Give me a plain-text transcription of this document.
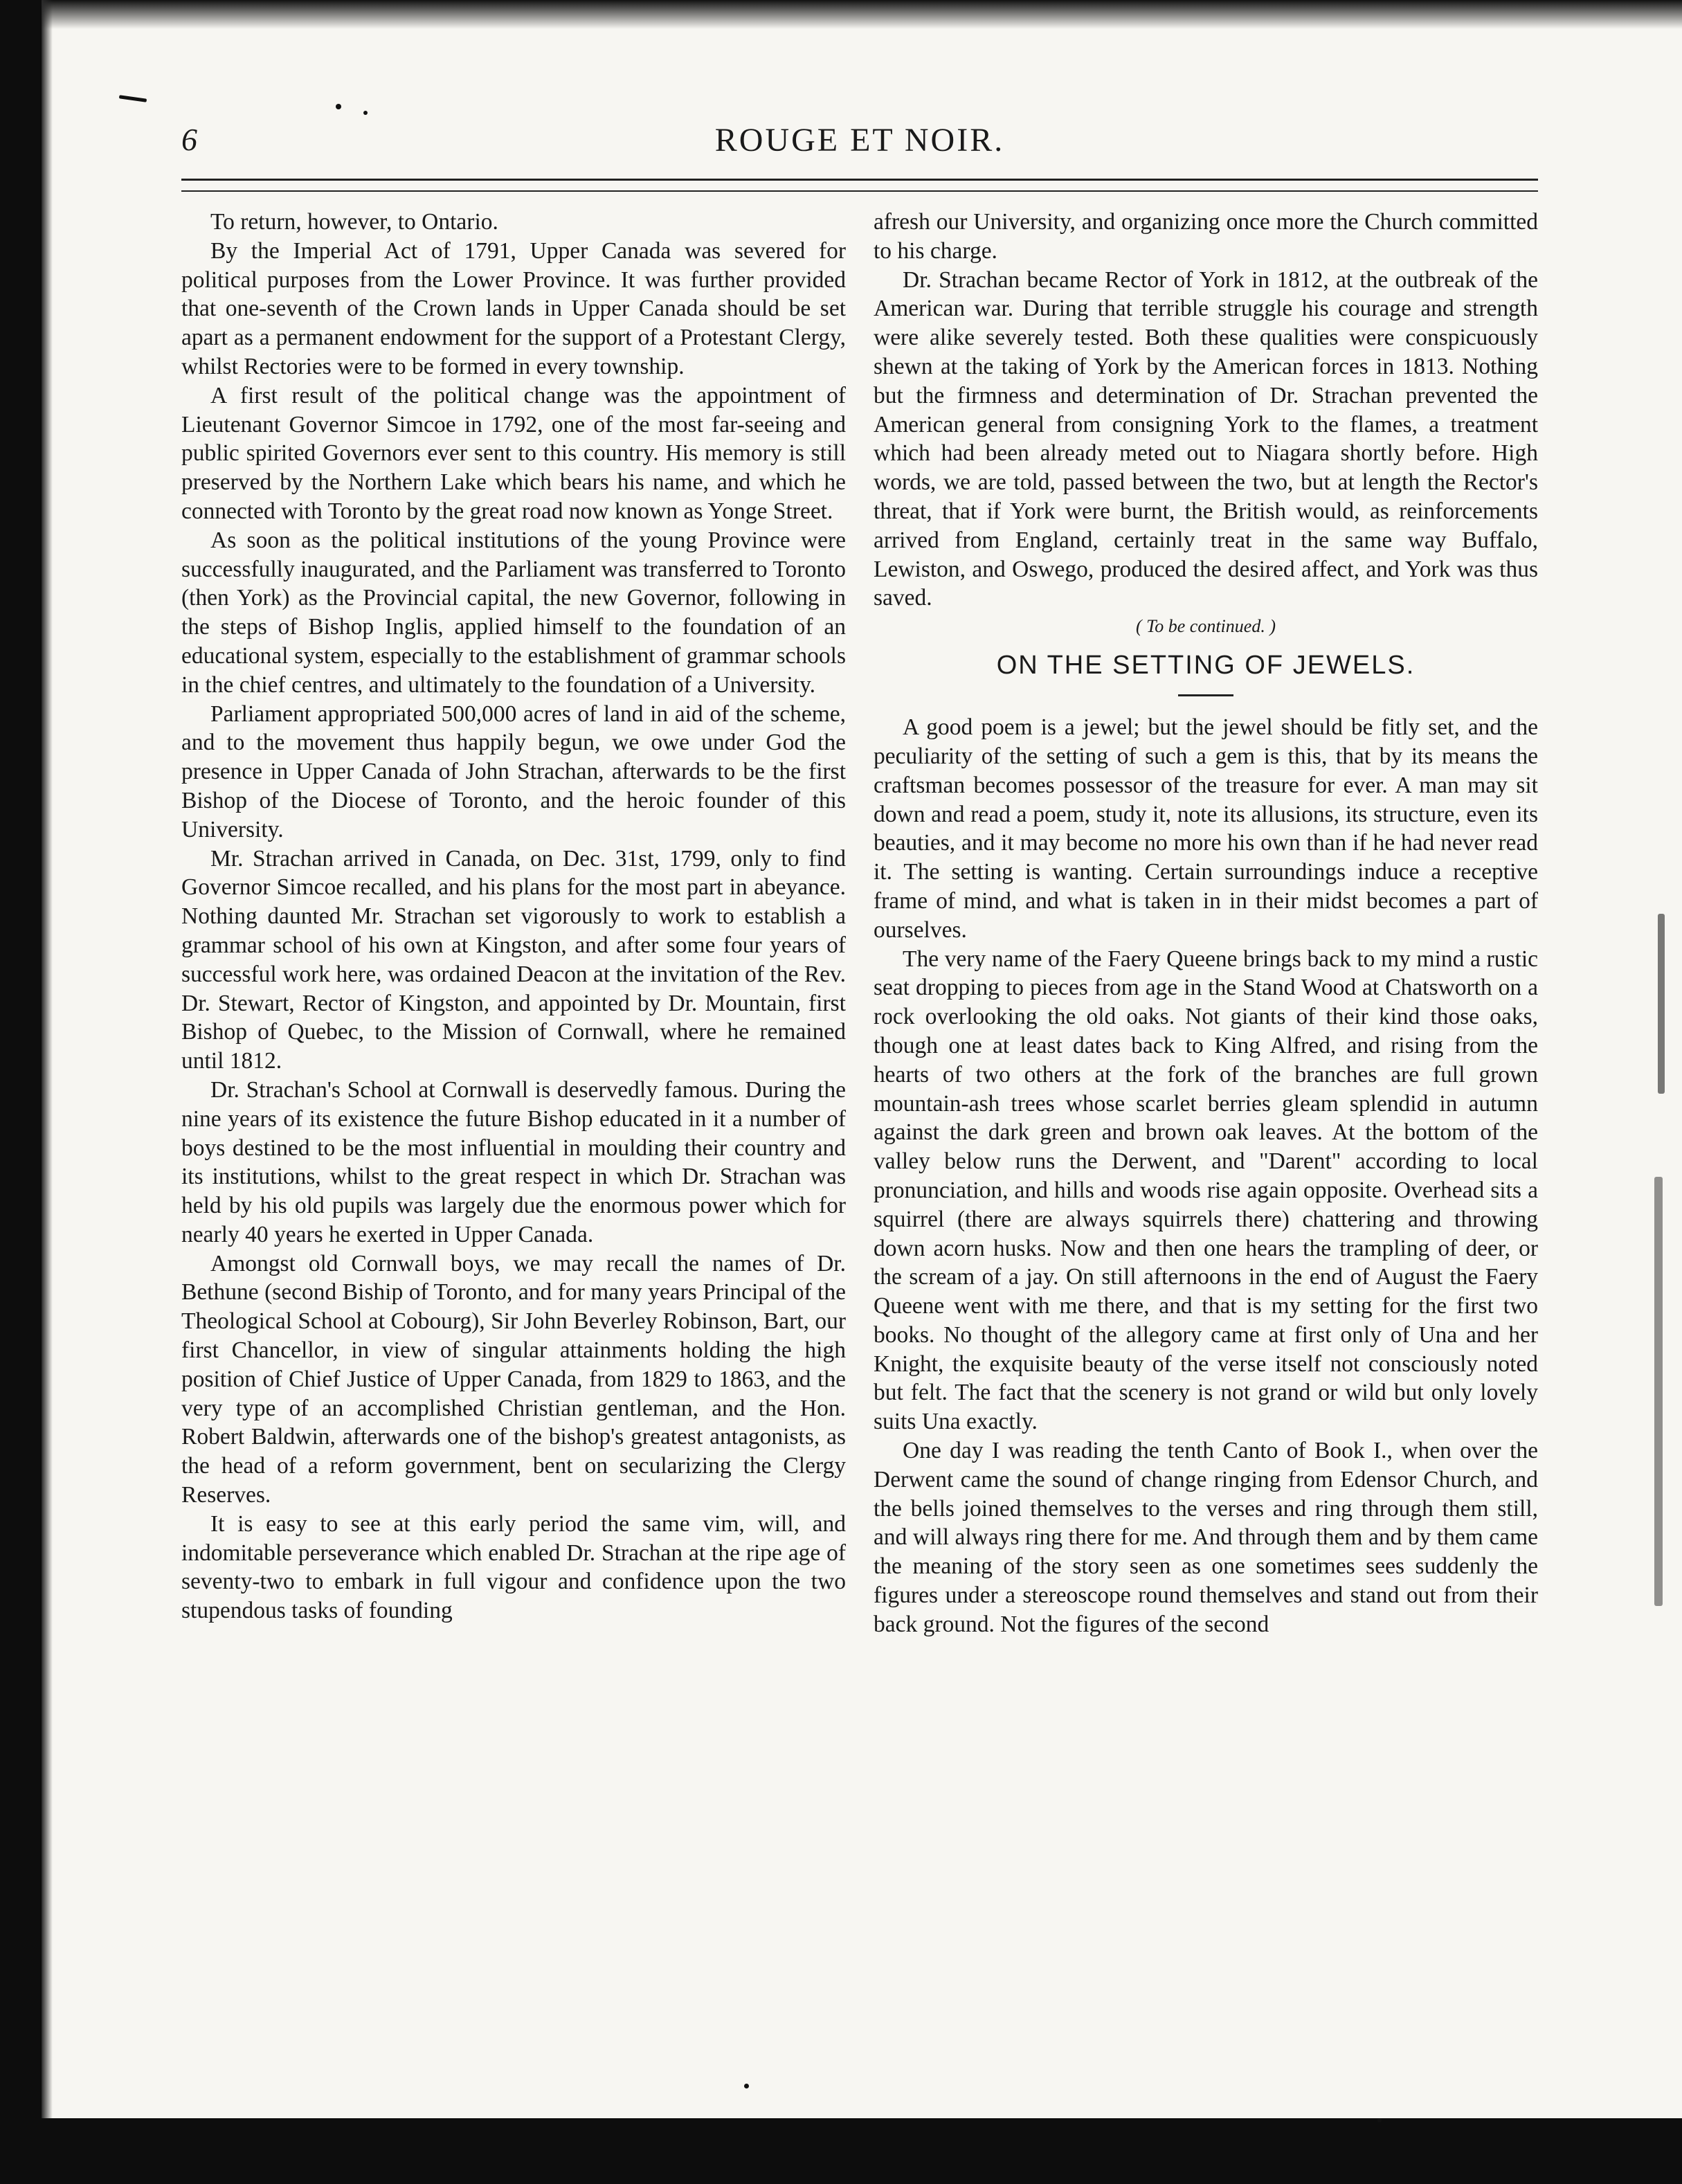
6	ROUGE ET NOIR.

To return, however, to Ontario.

By the Imperial Act of 1791, Upper Canada was severed for political purposes from the Lower Province. It was further provided that one-seventh of the Crown lands in Upper Canada should be set apart as a permanent endowment for the support of a Protestant Clergy, whilst Rectories were to be formed in every township.

A first result of the political change was the appointment of Lieutenant Governor Simcoe in 1792, one of the most far-seeing and public spirited Governors ever sent to this country. His memory is still preserved by the Northern Lake which bears his name, and which he connected with Toronto by the great road now known as Yonge Street.

As soon as the political institutions of the young Province were successfully inaugurated, and the Parliament was transferred to Toronto (then York) as the Provincial capital, the new Governor, following in the steps of Bishop Inglis, applied himself to the foundation of an educational system, especially to the establishment of grammar schools in the chief centres, and ultimately to the foundation of a University.

Parliament appropriated 500,000 acres of land in aid of the scheme, and to the movement thus happily begun, we owe under God the presence in Upper Canada of John Strachan, afterwards to be the first Bishop of the Diocese of Toronto, and the heroic founder of this University.

Mr. Strachan arrived in Canada, on Dec. 31st, 1799, only to find Governor Simcoe recalled, and his plans for the most part in abeyance. Nothing daunted Mr. Strachan set vigorously to work to establish a grammar school of his own at Kingston, and after some four years of successful work here, was ordained Deacon at the invitation of the Rev. Dr. Stewart, Rector of Kingston, and appointed by Dr. Mountain, first Bishop of Quebec, to the Mission of Cornwall, where he remained until 1812.

Dr. Strachan's School at Cornwall is deservedly famous. During the nine years of its existence the future Bishop educated in it a number of boys destined to be the most influential in moulding their country and its institutions, whilst to the great respect in which Dr. Strachan was held by his old pupils was largely due the enormous power which for nearly 40 years he exerted in Upper Canada.

Amongst old Cornwall boys, we may recall the names of Dr. Bethune (second Biship of Toronto, and for many years Principal of the Theological School at Cobourg), Sir John Beverley Robinson, Bart, our first Chancellor, in view of singular attainments holding the high position of Chief Justice of Upper Canada, from 1829 to 1863, and the very type of an accomplished Christian gentleman, and the Hon. Robert Baldwin, afterwards one of the bishop's greatest antagonists, as the head of a reform government, bent on secularizing the Clergy Reserves.

It is easy to see at this early period the same vim, will, and indomitable perseverance which enabled Dr. Strachan at the ripe age of seventy-two to embark in full vigour and confidence upon the two stupendous tasks of founding

afresh our University, and organizing once more the Church committed to his charge.

Dr. Strachan became Rector of York in 1812, at the outbreak of the American war. During that terrible struggle his courage and strength were alike severely tested. Both these qualities were conspicuously shewn at the taking of York by the American forces in 1813. Nothing but the firmness and determination of Dr. Strachan prevented the American general from consigning York to the flames, a treatment which had been already meted out to Niagara shortly before. High words, we are told, passed between the two, but at length the Rector's threat, that if York were burnt, the British would, as reinforcements arrived from England, certainly treat in the same way Buffalo, Lewiston, and Oswego, produced the desired affect, and York was thus saved.

( To be continued. )

ON THE SETTING OF JEWELS.

A good poem is a jewel; but the jewel should be fitly set, and the peculiarity of the setting of such a gem is this, that by its means the craftsman becomes possessor of the treasure for ever. A man may sit down and read a poem, study it, note its allusions, its structure, even its beauties, and it may become no more his own than if he had never read it. The setting is wanting. Certain surroundings induce a receptive frame of mind, and what is taken in in their midst becomes a part of ourselves.

The very name of the Faery Queene brings back to my mind a rustic seat dropping to pieces from age in the Stand Wood at Chatsworth on a rock overlooking the old oaks. Not giants of their kind those oaks, though one at least dates back to King Alfred, and rising from the hearts of two others at the fork of the branches are full grown mountain-ash trees whose scarlet berries gleam splendid in autumn against the dark green and brown oak leaves. At the bottom of the valley below runs the Derwent, and "Darent" according to local pronunciation, and hills and woods rise again opposite. Overhead sits a squirrel (there are always squirrels there) chattering and throwing down acorn husks. Now and then one hears the trampling of deer, or the scream of a jay. On still afternoons in the end of August the Faery Queene went with me there, and that is my setting for the first two books. No thought of the allegory came at first only of Una and her Knight, the exquisite beauty of the verse itself not consciously noted but felt. The fact that the scenery is not grand or wild but only lovely suits Una exactly.

One day I was reading the tenth Canto of Book I., when over the Derwent came the sound of change ringing from Edensor Church, and the bells joined themselves to the verses and ring through them still, and will always ring there for me. And through them and by them came the meaning of the story seen as one sometimes sees suddenly the figures under a stereoscope round themselves and stand out from their back ground. Not the figures of the second
